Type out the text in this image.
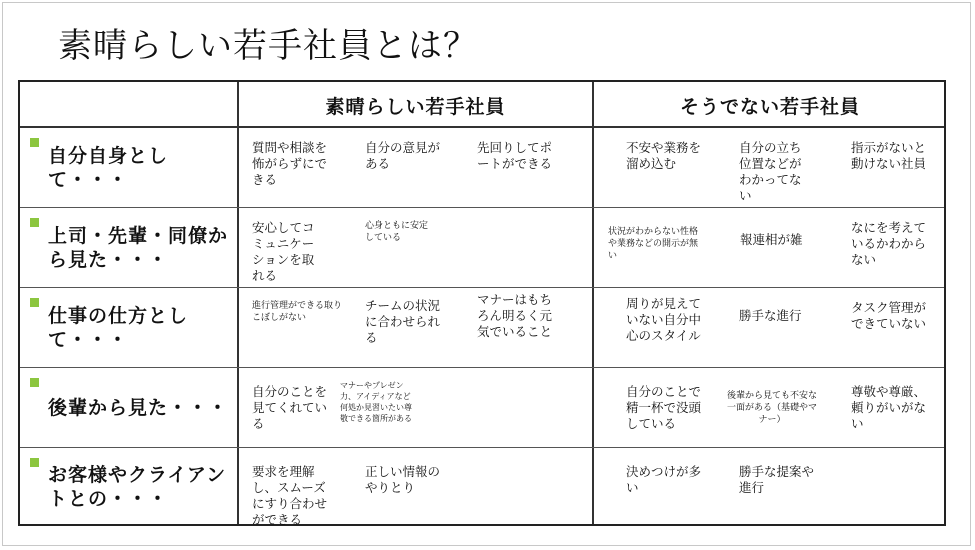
素晴らしい若手社員とは？
素晴らしい若手社員	そうでない若手社員
自分自身として・・・
質問や相談を怖がらずにできる
自分の意見がある
先回りしてポートができる
不安や業務を溜め込む
自分の立ち位置などがわかってない
指示がないと動けない社員
上司・先輩・同僚から見た・・・
安心してコミュニケーションを取れる
心身ともに安定している
状況がわからない性格や業務などの開示が無い
報連相が雑
なにを考えているかわからない
仕事の仕方として・・・
進行管理ができる取りこぼしがない
チームの状況に合わせられる
マナーはもちろん明るく元気でいること
周りが見えていない自分中心のスタイル
勝手な進行
タスク管理ができていない
後輩から見た・・・
自分のことを見てくれている
マナーやプレゼン力、アイディアなど何処か見習いたい尊敬できる箇所がある
自分のことで精一杯で没頭している
後輩から見ても不安な一面がある（基礎やマナー）
尊敬や尊厳、頼りがいがない
お客様やクライアントとの・・・
要求を理解し、スムーズにすり合わせができる
正しい情報のやりとり
決めつけが多い
勝手な提案や進行
